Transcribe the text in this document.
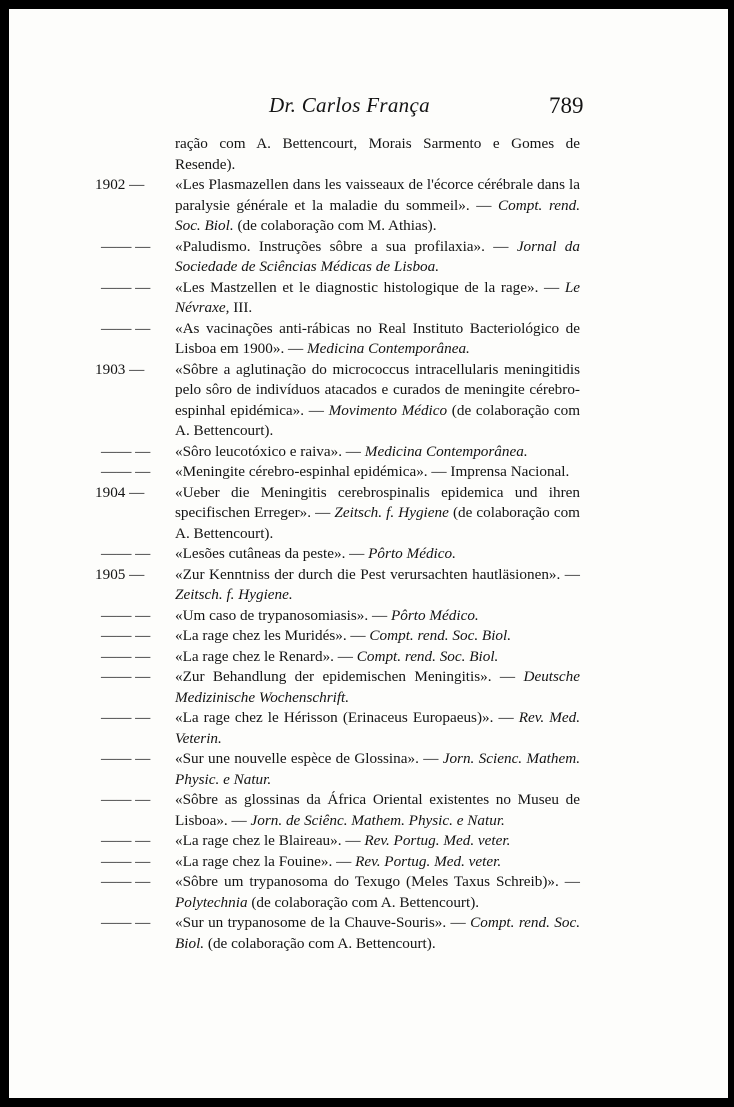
Dr. Carlos França	789
ração com A. Bettencourt, Morais Sarmento e Gomes de Resende).
1902 —	«Les Plasmazellen dans les vaisseaux de l'écorce cérébrale dans la paralysie générale et la maladie du sommeil». — Compt. rend. Soc. Biol. (de colaboração com M. Athias).
—— —	«Paludismo. Instruções sôbre a sua profilaxia». — Jornal da Sociedade de Sciências Médicas de Lisboa.
—— —	«Les Mastzellen et le diagnostic histologique de la rage». — Le Névraxe, III.
—— —	«As vacinações anti-rábicas no Real Instituto Bacteriológico de Lisboa em 1900». — Medicina Contemporânea.
1903 —	«Sôbre a aglutinação do micrococcus intracellularis meningitidis pelo sôro de indivíduos atacados e curados de meningite cérebro-espinhal epidémica». — Movimento Médico (de colaboração com A. Bettencourt).
—— —	«Sôro leucotóxico e raiva». — Medicina Contemporânea.
—— —	«Meningite cérebro-espinhal epidémica». — Imprensa Nacional.
1904 —	«Ueber die Meningitis cerebrospinalis epidemica und ihren specifischen Erreger». — Zeitsch. f. Hygiene (de colaboração com A. Bettencourt).
—— —	«Lesões cutâneas da peste». — Pôrto Médico.
1905 —	«Zur Kenntniss der durch die Pest verursachten hautläsionen». — Zeitsch. f. Hygiene.
—— —	«Um caso de trypanosomiasis». — Pôrto Médico.
—— —	«La rage chez les Muridés». — Compt. rend. Soc. Biol.
—— —	«La rage chez le Renard». — Compt. rend. Soc. Biol.
—— —	«Zur Behandlung der epidemischen Meningitis». — Deutsche Medizinische Wochenschrift.
—— —	«La rage chez le Hérisson (Erinaceus Europaeus)». — Rev. Med. Veterin.
—— —	«Sur une nouvelle espèce de Glossina». — Jorn. Scienc. Mathem. Physic. e Natur.
—— —	«Sôbre as glossinas da África Oriental existentes no Museu de Lisboa». — Jorn. de Sciênc. Mathem. Physic. e Natur.
—— —	«La rage chez le Blaireau». — Rev. Portug. Med. veter.
—— —	«La rage chez la Fouine». — Rev. Portug. Med. veter.
—— —	«Sôbre um trypanosoma do Texugo (Meles Taxus Schreib)». — Polytechnia (de colaboração com A. Bettencourt).
—— —	«Sur un trypanosome de la Chauve-Souris». — Compt. rend. Soc. Biol. (de colaboração com A. Bettencourt).
